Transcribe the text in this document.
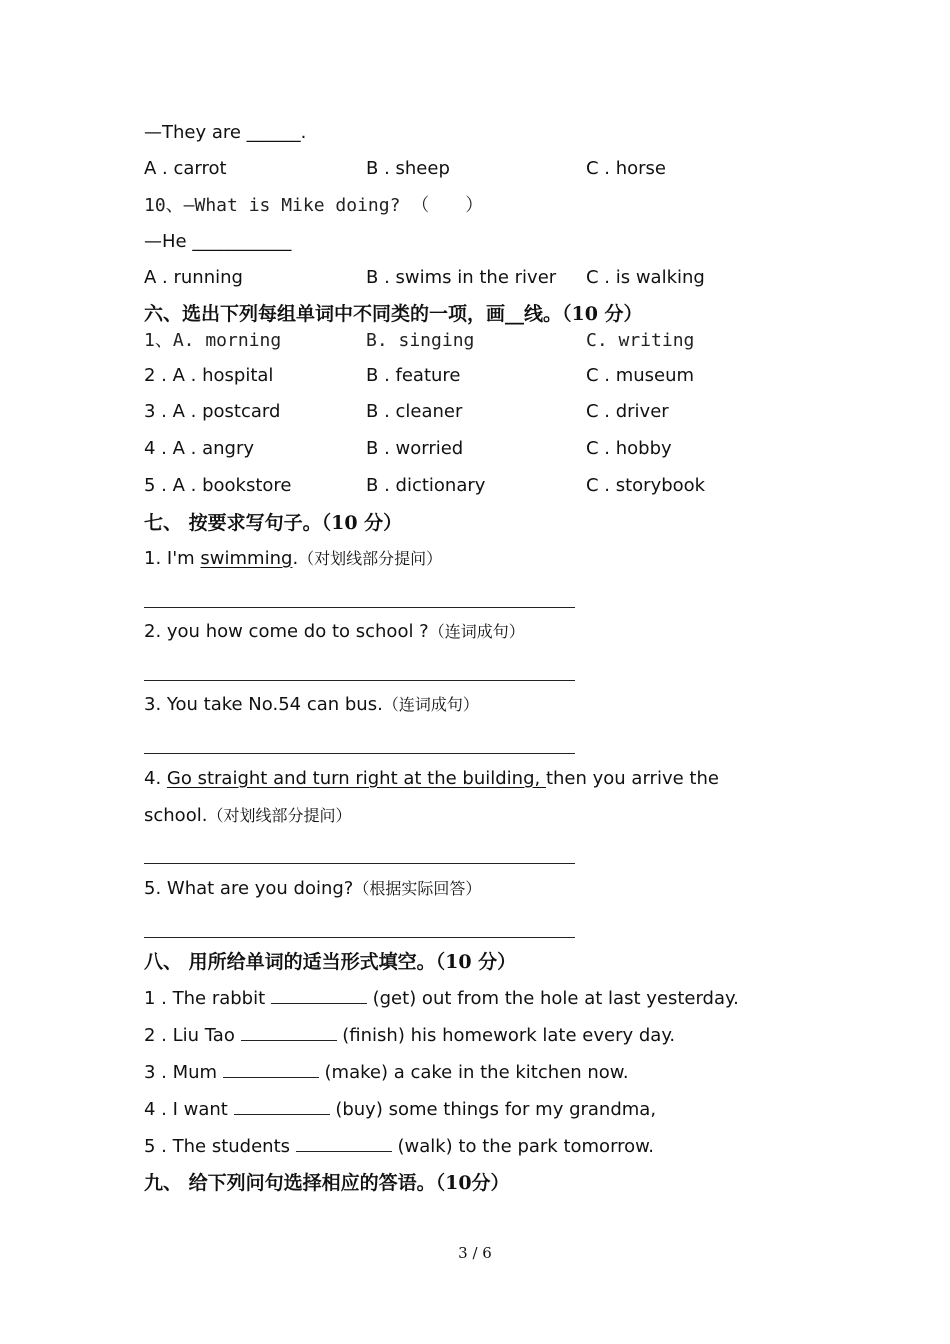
—They are ______.
A . carrot	B . sheep	C . horse
10、—What is Mike doing? （　　）
—He ___________
A . running	B . swims in the river C . is walking
六、选出下列每组单词中不同类的一项，画__线。（10 分）
1、A. morning	B. singing	C. writing
2 . A . hospital	B . feature	C . museum
3 . A . postcard	B . cleaner	C . driver
4 . A . angry	B . worried	C . hobby
5 . A . bookstore	B . dictionary	C . storybook
七、 按要求写句子。（10 分）
1. I'm swimming.（对划线部分提问）
2. you how come do to school ?（连词成句）
3. You take No.54 can bus.（连词成句）
4. Go straight and turn right at the building, then you arrive the
school.（对划线部分提问）
5. What are you doing?（根据实际回答）
八、 用所给单词的适当形式填空。（10 分）
1 . The rabbit	(get) out from the hole at last yesterday.
2 . Liu Tao	(finish) his homework late every day.
3 . Mum	(make) a cake in the kitchen now.
4 . I want	(buy) some things for my grandma,
5 . The students	(walk) to the park tomorrow.
九、 给下列问句选择相应的答语。（10分）
3 / 6
